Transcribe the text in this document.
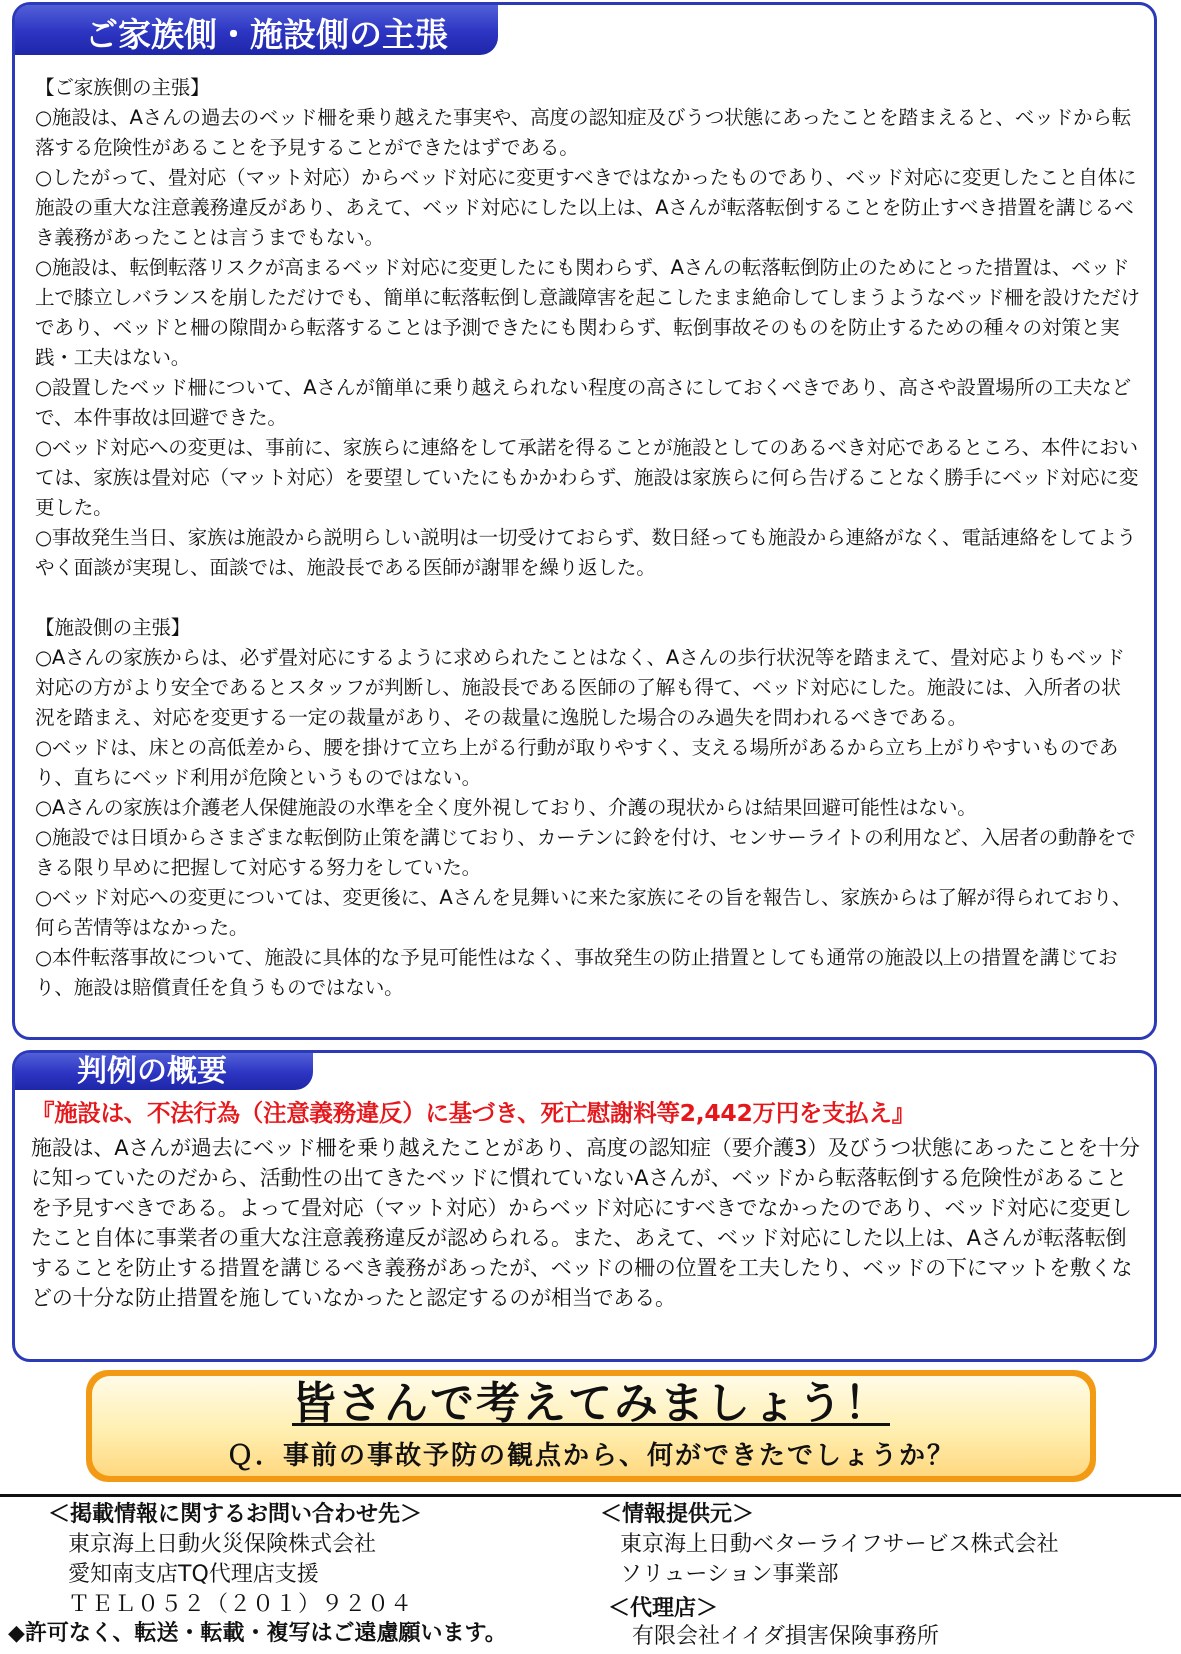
ご家族側・施設側の主張

【ご家族側の主張】

○施設は、Aさんの過去のベッド柵を乗り越えた事実や、高度の認知症及びうつ状態にあったことを踏まえると、ベッドから転落する危険性があることを予見することができたはずである。

○したがって、畳対応（マット対応）からベッド対応に変更すべきではなかったものであり、ベッド対応に変更したこと自体に施設の重大な注意義務違反があり、あえて、ベッド対応にした以上は、Aさんが転落転倒することを防止すべき措置を講じるべき義務があったことは言うまでもない。

○施設は、転倒転落リスクが高まるベッド対応に変更したにも関わらず、Aさんの転落転倒防止のためにとった措置は、ベッド上で膝立しバランスを崩しただけでも、簡単に転落転倒し意識障害を起こしたまま絶命してしまうようなベッド柵を設けただけであり、ベッドと柵の隙間から転落することは予測できたにも関わらず、転倒事故そのものを防止するための種々の対策と実践・工夫はない。

○設置したベッド柵について、Aさんが簡単に乗り越えられない程度の高さにしておくべきであり、高さや設置場所の工夫などで、本件事故は回避できた。

○ベッド対応への変更は、事前に、家族らに連絡をして承諾を得ることが施設としてのあるべき対応であるところ、本件においては、家族は畳対応（マット対応）を要望していたにもかかわらず、施設は家族らに何ら告げることなく勝手にベッド対応に変更した。

○事故発生当日、家族は施設から説明らしい説明は一切受けておらず、数日経っても施設から連絡がなく、電話連絡をしてようやく面談が実現し、面談では、施設長である医師が謝罪を繰り返した。

【施設側の主張】

○Aさんの家族からは、必ず畳対応にするように求められたことはなく、Aさんの歩行状況等を踏まえて、畳対応よりもベッド対応の方がより安全であるとスタッフが判断し、施設長である医師の了解も得て、ベッド対応にした。施設には、入所者の状況を踏まえ、対応を変更する一定の裁量があり、その裁量に逸脱した場合のみ過失を問われるべきである。

○ベッドは、床との高低差から、腰を掛けて立ち上がる行動が取りやすく、支える場所があるから立ち上がりやすいものであり、直ちにベッド利用が危険というものではない。

○Aさんの家族は介護老人保健施設の水準を全く度外視しており、介護の現状からは結果回避可能性はない。

○施設では日頃からさまざまな転倒防止策を講じており、カーテンに鈴を付け、センサーライトの利用など、入居者の動静をできる限り早めに把握して対応する努力をしていた。

○ベッド対応への変更については、変更後に、Aさんを見舞いに来た家族にその旨を報告し、家族からは了解が得られており、何ら苦情等はなかった。

○本件転落事故について、施設に具体的な予見可能性はなく、事故発生の防止措置としても通常の施設以上の措置を講じており、施設は賠償責任を負うものではない。

判例の概要
『施設は、不法行為（注意義務違反）に基づき、死亡慰謝料等2,442万円を支払え』
施設は、Aさんが過去にベッド柵を乗り越えたことがあり、高度の認知症（要介護3）及びうつ状態にあったことを十分に知っていたのだから、活動性の出てきたベッドに慣れていないAさんが、ベッドから転落転倒する危険性があることを予見すべきである。よって畳対応（マット対応）からベッド対応にすべきでなかったのであり、ベッド対応に変更したこと自体に事業者の重大な注意義務違反が認められる。また、あえて、ベッド対応にした以上は、Aさんが転落転倒することを防止する措置を講じるべき義務があったが、ベッドの柵の位置を工夫したり、ベッドの下にマットを敷くなどの十分な防止措置を施していなかったと認定するのが相当である。
皆さんで考えてみましょう！
Ｑ．事前の事故予防の観点から、何ができたでしょうか？
＜掲載情報に関するお問い合わせ先＞
東京海上日動火災保険株式会社
愛知南支店TQ代理店支援
ＴＥＬ０５２（２０１）９２０４
◆許可なく、転送・転載・複写はご遠慮願います。
＜情報提供元＞
東京海上日動ベターライフサービス株式会社
ソリューション事業部
＜代理店＞
有限会社イイダ損害保険事務所
